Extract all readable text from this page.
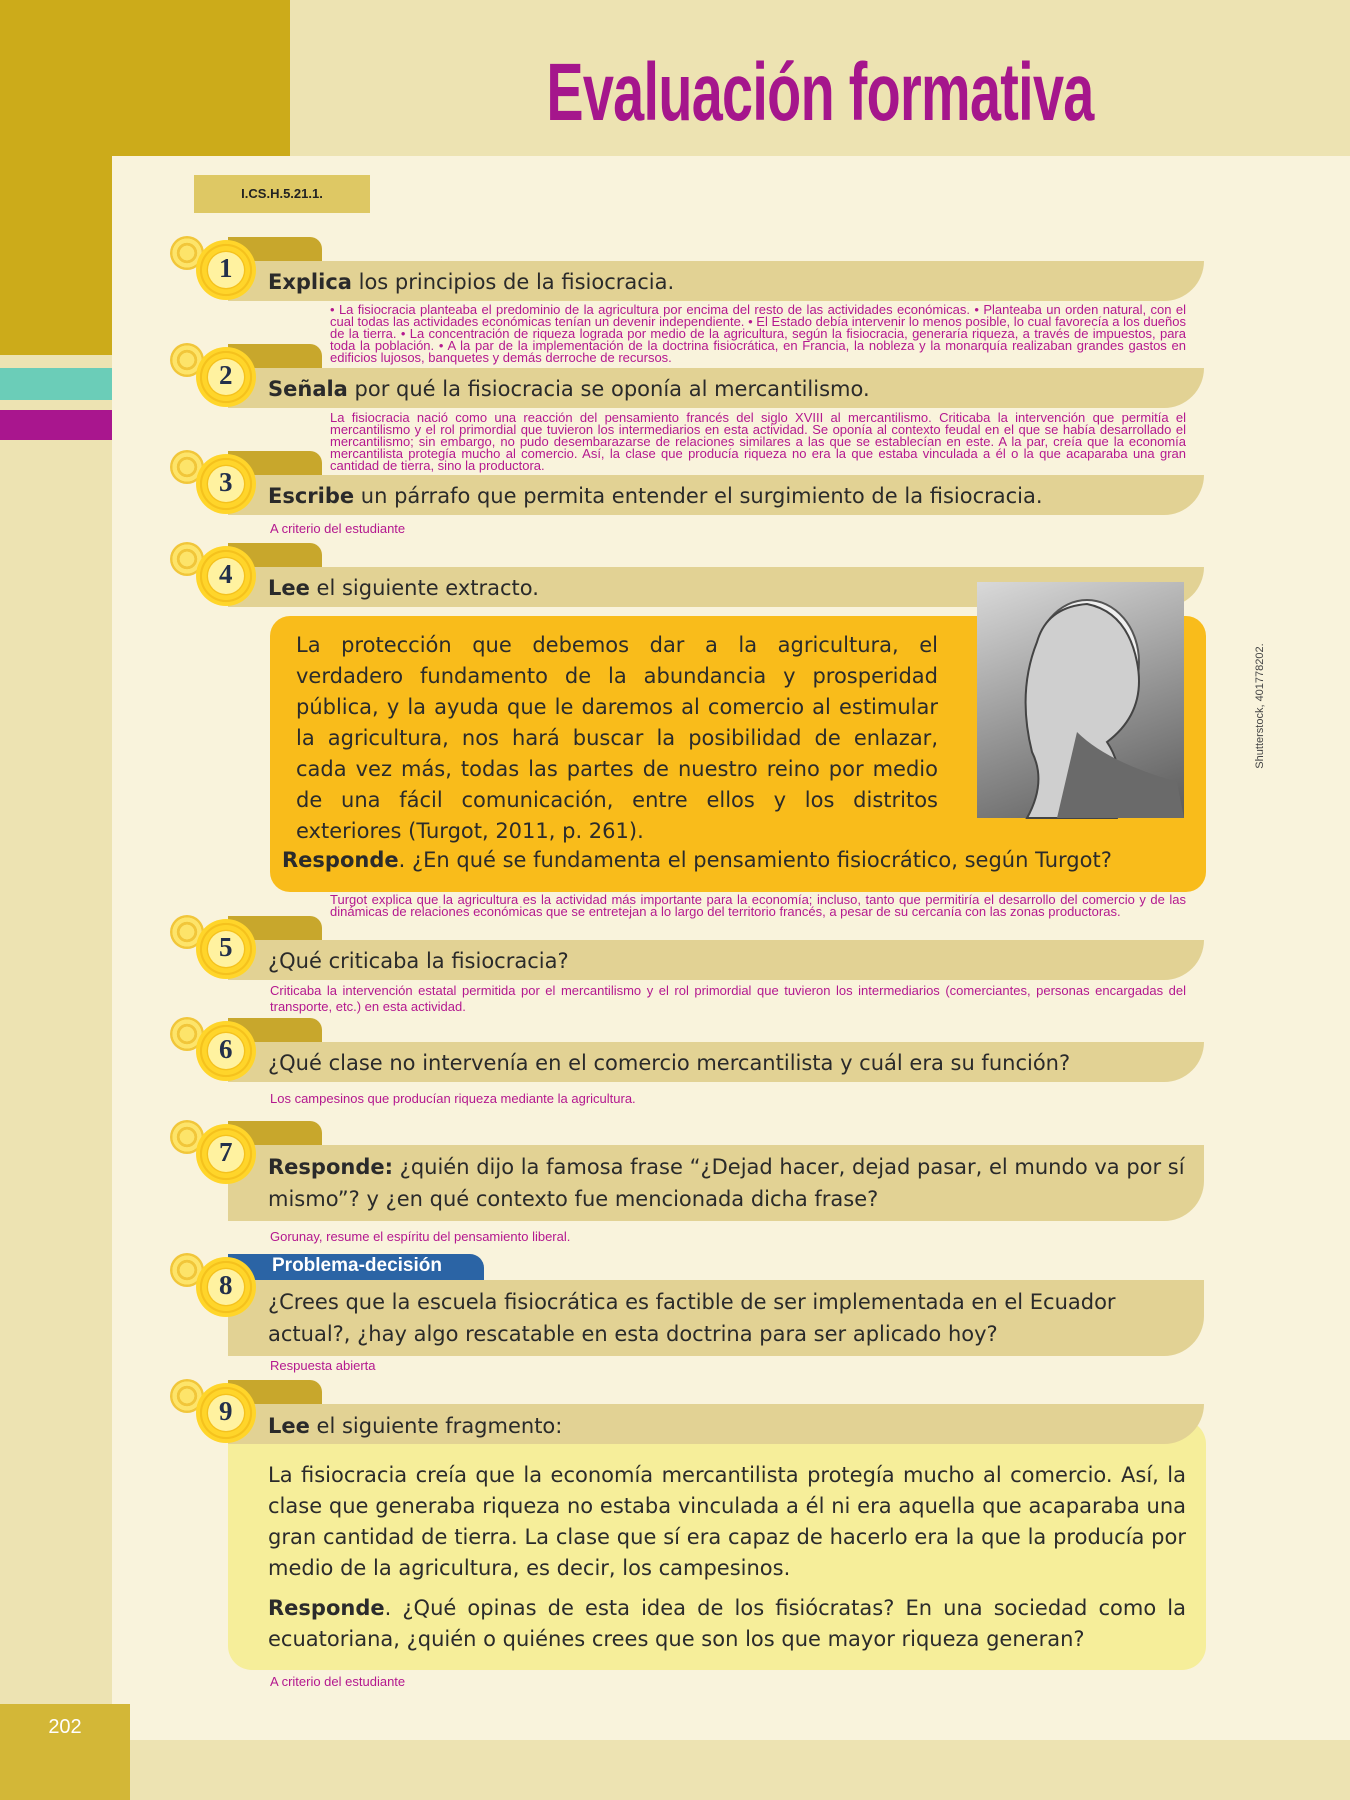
202
Evaluación formativa
I.CS.H.5.21.1.
1 Explica los principios de la fisiocracia.
• La fisiocracia planteaba el predominio de la agricultura por encima del resto de las actividades económicas. • Planteaba un orden natural, con el cual todas las actividades económicas tenían un devenir independiente. • El Estado debía intervenir lo menos posible, lo cual favorecía a los dueños de la tierra. • La concentración de riqueza lograda por medio de la agricultura, según la fisiocracia, generaría riqueza, a través de impuestos, para toda la población. • A la par de la implementación de la doctrina fisiocrática, en Francia, la nobleza y la monarquía realizaban grandes gastos en edificios lujosos, banquetes y demás derroche de recursos.
2 Señala por qué la fisiocracia se oponía al mercantilismo.
La fisiocracia nació como una reacción del pensamiento francés del siglo XVIII al mercantilismo. Criticaba la intervención que permitía el mercantilismo y el rol primordial que tuvieron los intermediarios en esta actividad. Se oponía al contexto feudal en el que se había desarrollado el mercantilismo; sin embargo, no pudo desembarazarse de relaciones similares a las que se establecían en este. A la par, creía que la economía mercantilista protegía mucho al comercio. Así, la clase que producía riqueza no era la que estaba vinculada a él o la que acaparaba una gran cantidad de tierra, sino la productora.
3 Escribe un párrafo que permita entender el surgimiento de la fisiocracia.
A criterio del estudiante
4 Lee el siguiente extracto.
La protección que debemos dar a la agricultura, el verdadero fundamento de la abundancia y prosperidad pública, y la ayuda que le daremos al comercio al estimular la agricultura, nos hará buscar la posibilidad de enlazar, cada vez más, todas las partes de nuestro reino por medio de una fácil comunicación, entre ellos y los distritos exteriores (Turgot, 2011, p. 261).
Responde. ¿En qué se fundamenta el pensamiento fisiocrático, según Turgot?
Shutterstock, 401778202.
Turgot explica que la agricultura es la actividad más importante para la economía; incluso, tanto que permitiría el desarrollo del comercio y de las dinámicas de relaciones económicas que se entretejan a lo largo del territorio francés, a pesar de su cercanía con las zonas productoras.
5 ¿Qué criticaba la fisiocracia?
Criticaba la intervención estatal permitida por el mercantilismo y el rol primordial que tuvieron los intermediarios (comerciantes, personas encargadas del transporte, etc.) en esta actividad.
6 ¿Qué clase no intervenía en el comercio mercantilista y cuál era su función?
Los campesinos que producían riqueza mediante la agricultura.
7 Responde: ¿quién dijo la famosa frase “¿Dejad hacer, dejad pasar, el mundo va por sí mismo”? y ¿en qué contexto fue mencionada dicha frase?
Gorunay, resume el espíritu del pensamiento liberal.
Problema-decisión
8
¿Crees que la escuela fisiocrática es factible de ser implementada en el Ecuador actual?, ¿hay algo rescatable en esta doctrina para ser aplicado hoy?
Respuesta abierta
9 Lee el siguiente fragmento:
La fisiocracia creía que la economía mercantilista protegía mucho al comercio. Así, la clase que generaba riqueza no estaba vinculada a él ni era aquella que acaparaba una gran cantidad de tierra. La clase que sí era capaz de hacerlo era la que la producía por medio de la agricultura, es decir, los campesinos.
Responde. ¿Qué opinas de esta idea de los fisiócratas? En una sociedad como la ecuatoriana, ¿quién o quiénes crees que son los que mayor riqueza generan?
A criterio del estudiante
